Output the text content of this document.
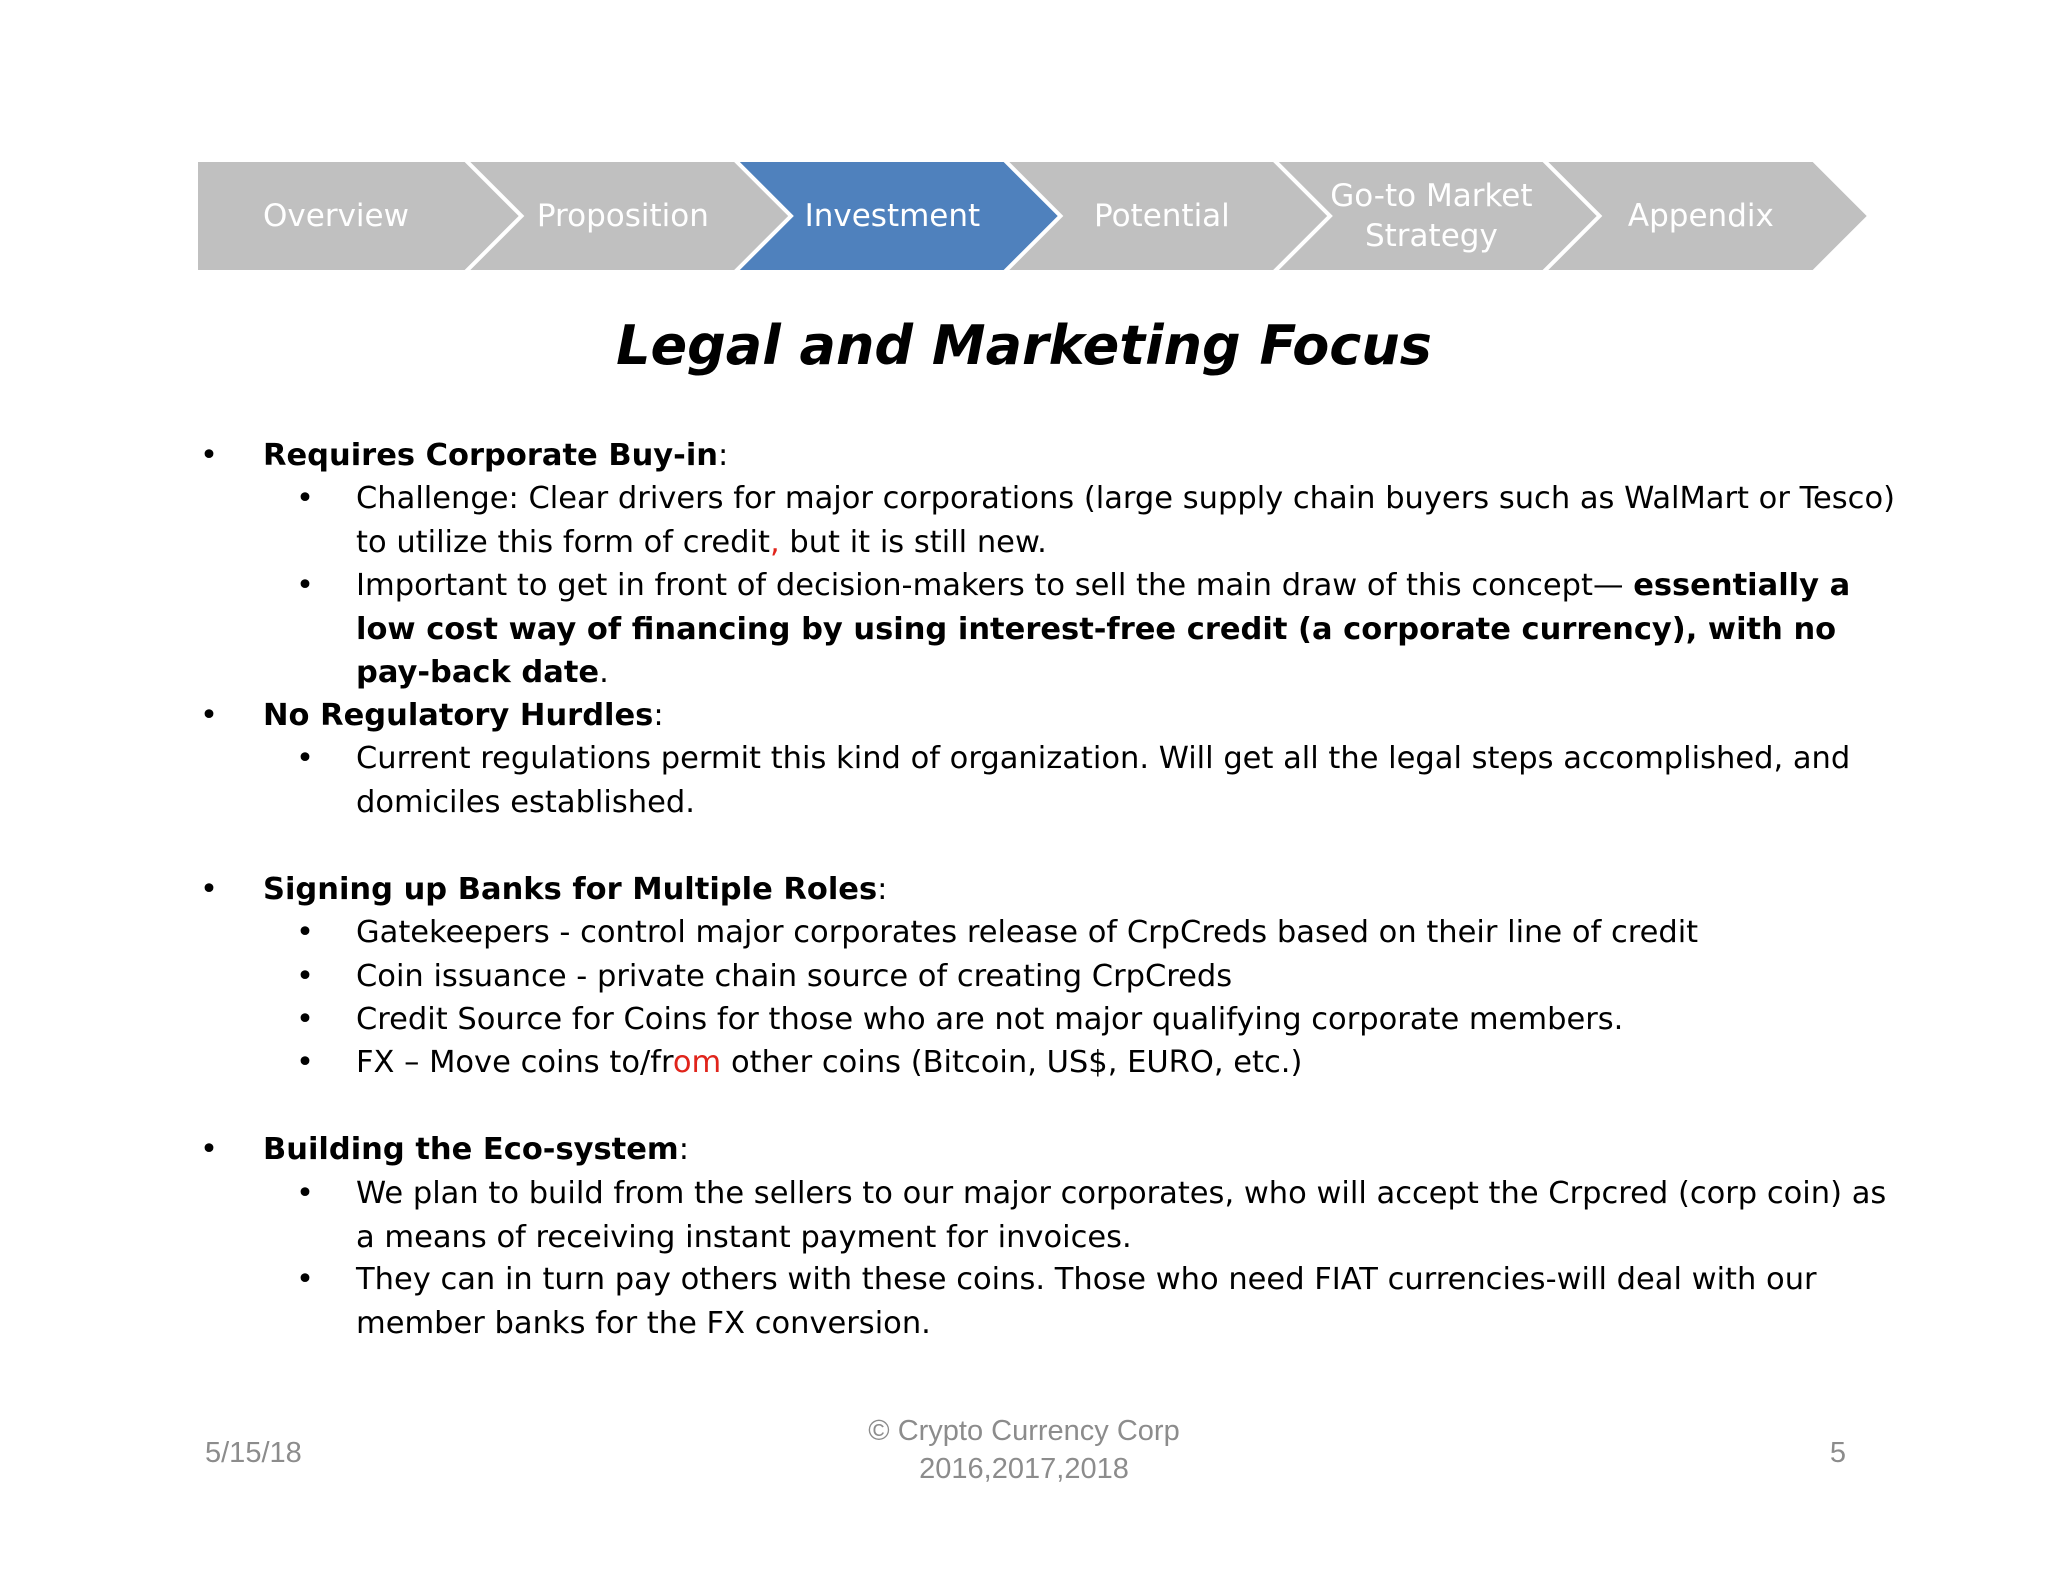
Overview	Proposition	Investment	Potential
Go-to Market
Strategy
Appendix
Legal and Marketing Focus
• Requires Corporate Buy-in:
• Challenge: Clear drivers for major corporations (large supply chain buyers such as WalMart or Tesco) to utilize this form of credit, but it is still new.
• Important to get in front of decision-makers to sell the main draw of this concept— essentially a low cost way of financing by using interest-free credit (a corporate currency), with no pay-back date.
• No Regulatory Hurdles:
• Current regulations permit this kind of organization. Will get all the legal steps accomplished, and domiciles established.
• Signing up Banks for Multiple Roles:
• Gatekeepers - control major corporates release of CrpCreds based on their line of credit
• Coin issuance - private chain source of creating CrpCreds
• Credit Source for Coins for those who are not major qualifying corporate members.
• FX – Move coins to/from other coins (Bitcoin, US$, EURO, etc.)
• Building the Eco-system:
• We plan to build from the sellers to our major corporates, who will accept the Crpcred (corp coin) as a means of receiving instant payment for invoices.
• They can in turn pay others with these coins. Those who need FIAT currencies-will deal with our member banks for the FX conversion.
5/15/18
© Crypto Currency Corp
2016,2017,2018	5
